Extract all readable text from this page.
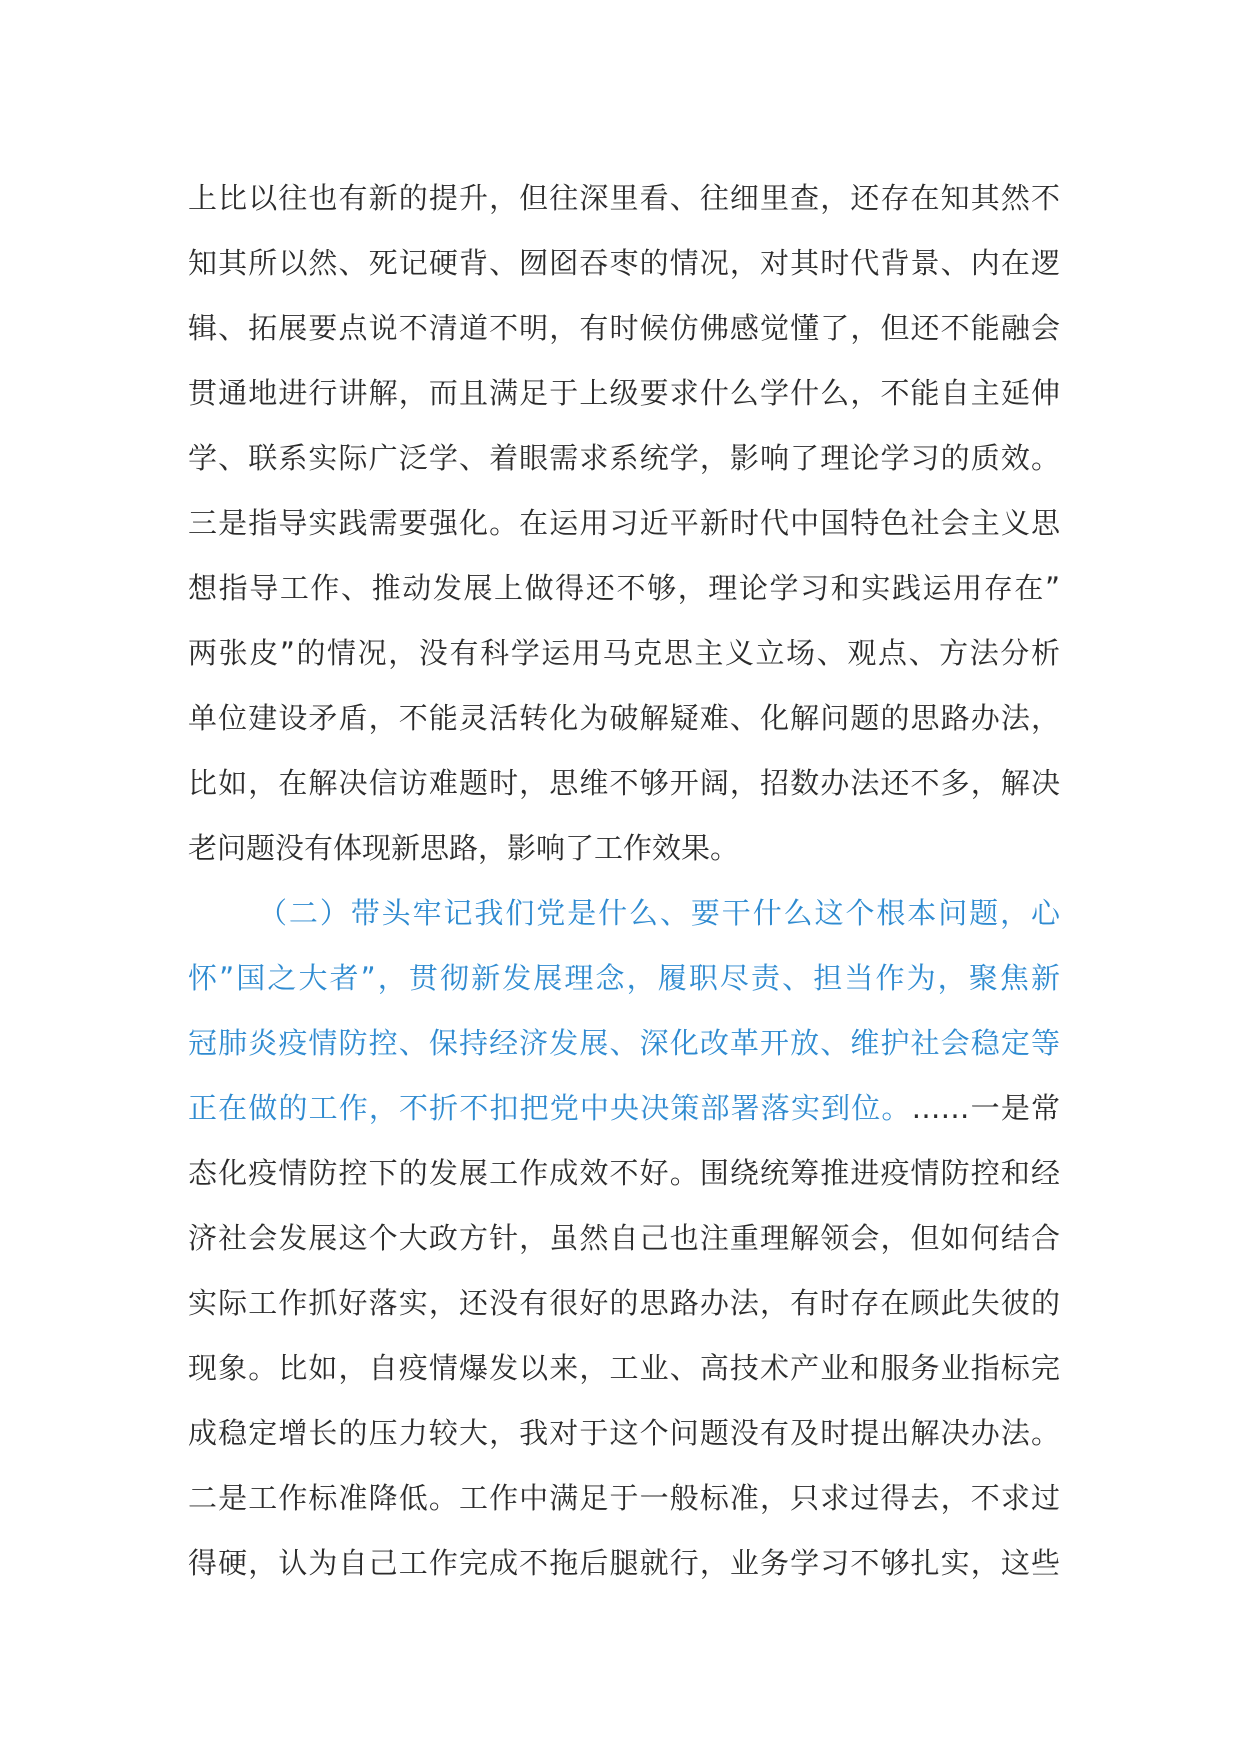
上比以往也有新的提升，但往深里看、往细里查，还存在知其然不
知其所以然、死记硬背、囫囵吞枣的情况，对其时代背景、内在逻
辑、拓展要点说不清道不明，有时候仿佛感觉懂了，但还不能融会
贯通地进行讲解，而且满足于上级要求什么学什么，不能自主延伸
学、联系实际广泛学、着眼需求系统学，影响了理论学习的质效。
三是指导实践需要强化。在运用习近平新时代中国特色社会主义思
想指导工作、推动发展上做得还不够，理论学习和实践运用存在”
两张皮”的情况，没有科学运用马克思主义立场、观点、方法分析
单位建设矛盾，不能灵活转化为破解疑难、化解问题的思路办法，
比如，在解决信访难题时，思维不够开阔，招数办法还不多，解决
老问题没有体现新思路，影响了工作效果。
（二）带头牢记我们党是什么、要干什么这个根本问题，心
怀”国之大者”，贯彻新发展理念，履职尽责、担当作为，聚焦新
冠肺炎疫情防控、保持经济发展、深化改革开放、维护社会稳定等
正在做的工作，不折不扣把党中央决策部署落实到位。……一是常
态化疫情防控下的发展工作成效不好。围绕统筹推进疫情防控和经
济社会发展这个大政方针，虽然自己也注重理解领会，但如何结合
实际工作抓好落实，还没有很好的思路办法，有时存在顾此失彼的
现象。比如，自疫情爆发以来，工业、高技术产业和服务业指标完
成稳定增长的压力较大，我对于这个问题没有及时提出解决办法。
二是工作标准降低。工作中满足于一般标准，只求过得去，不求过
得硬，认为自己工作完成不拖后腿就行，业务学习不够扎实，这些
